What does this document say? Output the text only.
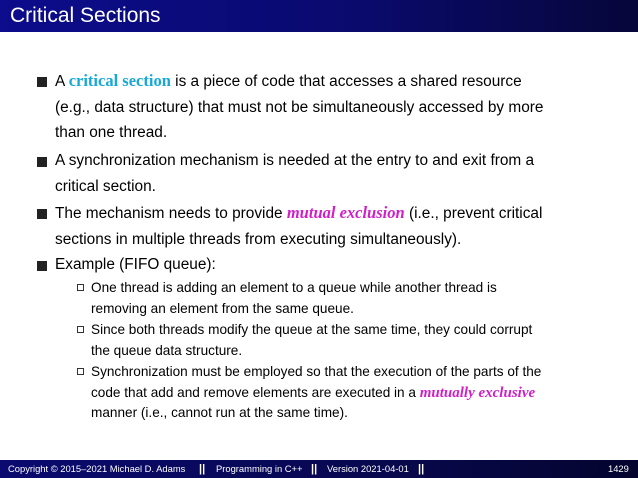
Critical Sections
A critical section is a piece of code that accesses a shared resource
(e.g., data structure) that must not be simultaneously accessed by more
than one thread.
A synchronization mechanism is needed at the entry to and exit from a
critical section.
The mechanism needs to provide mutual exclusion (i.e., prevent critical
sections in multiple threads from executing simultaneously).
Example (FIFO queue):
One thread is adding an element to a queue while another thread is
removing an element from the same queue.
Since both threads modify the queue at the same time, they could corrupt
the queue data structure.
Synchronization must be employed so that the execution of the parts of the
code that add and remove elements are executed in a mutually exclusive
manner (i.e., cannot run at the same time).
Copyright © 2015–2021 Michael D. Adams || Programming in C++ || Version 2021-04-01 ||	1429
